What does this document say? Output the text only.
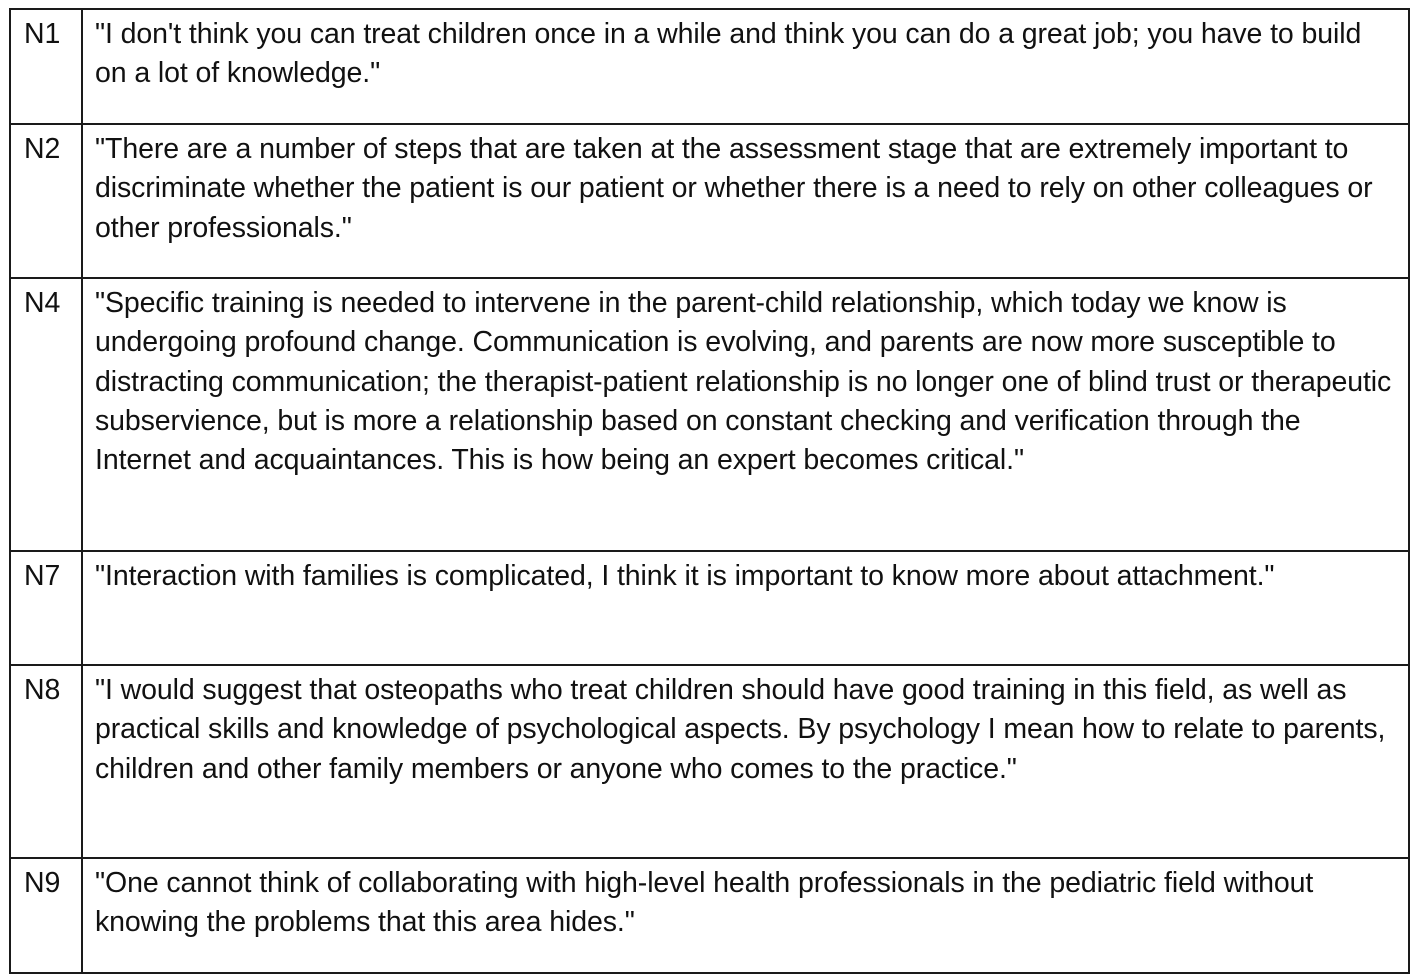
N1	"I don't think you can treat children once in a while and think you can do a great job; you have to build on a lot of knowledge."
N2	"There are a number of steps that are taken at the assessment stage that are extremely important to discriminate whether the patient is our patient or whether there is a need to rely on other colleagues or other professionals."
N4	"Specific training is needed to intervene in the parent-child relationship, which today we know is undergoing profound change. Communication is evolving, and parents are now more susceptible to distracting communication; the therapist-patient relationship is no longer one of blind trust or therapeutic subservience, but is more a relationship based on constant checking and verification through the Internet and acquaintances. This is how being an expert becomes critical."
N7	"Interaction with families is complicated, I think it is important to know more about attachment."
N8	"I would suggest that osteopaths who treat children should have good training in this field, as well as practical skills and knowledge of psychological aspects. By psychology I mean how to relate to parents, children and other family members or anyone who comes to the practice."
N9	"One cannot think of collaborating with high-level health professionals in the pediatric field without knowing the problems that this area hides."
